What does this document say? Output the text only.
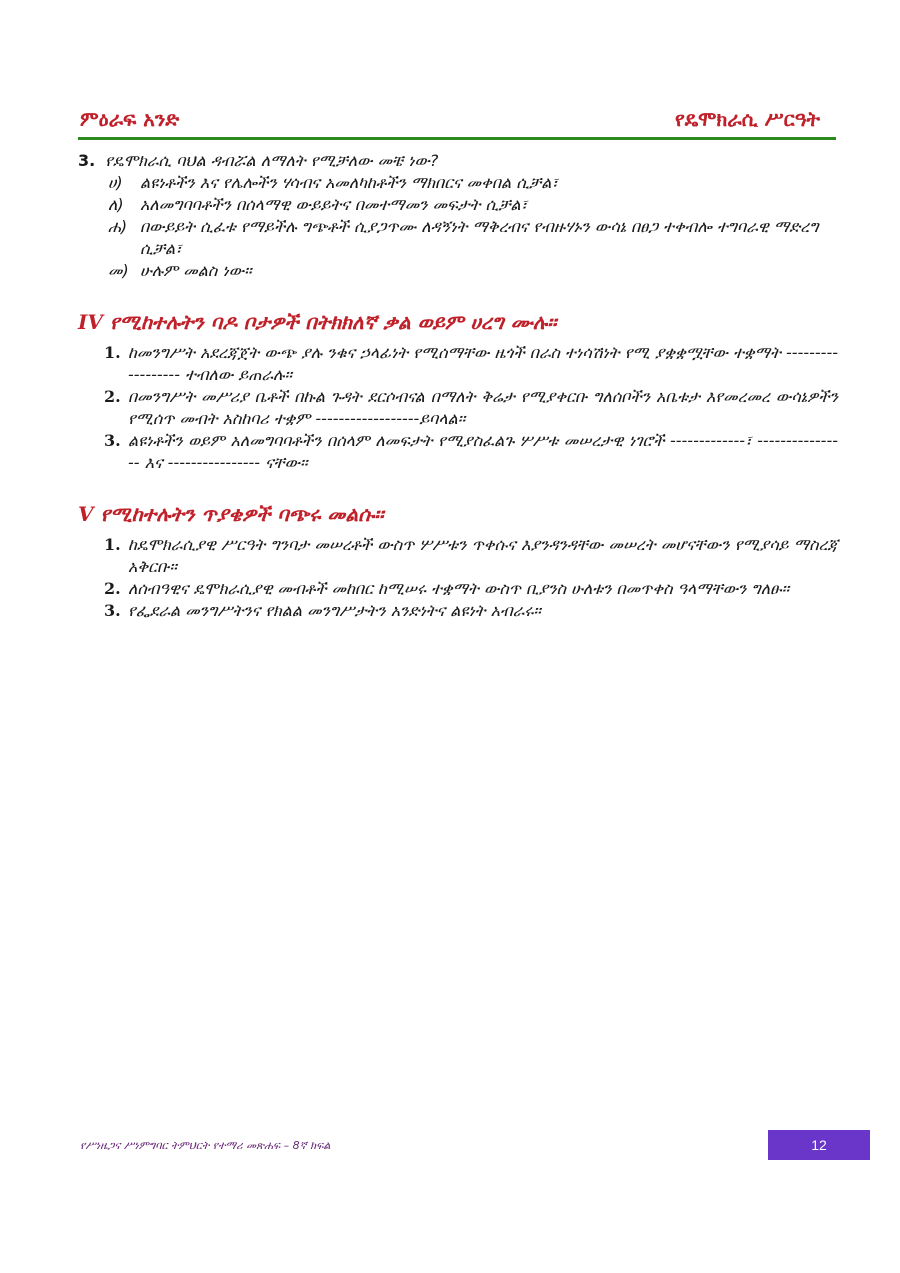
ምዕራፍ አንድ	የዴሞክራሲ ሥርዓት
3. የዴሞክራሲ ባህል ዳብሯል ለማለት የሚቻለው መቼ ነው?
ሀ)	ልዩነቶችን እና የሌሎችን ሃሳብና አመለካከቶችን ማክበርና መቀበል ሲቻል፣
ለ)	አለመግባባቶችን በሰላማዊ ውይይትና በመተማመን መፍታት ሲቻል፣
ሐ) በውይይት ሲፈቱ የማይችሉ ግጭቶች ሲያጋጥሙ ለዳኝነት ማቅረብና የብዙሃኑን ውሳኔ በፀጋ ተቀብሎ ተግባራዊ ማድረግ ሲቻል፣
መ) ሁሉም መልስ ነው።
IV የሚከተሉትን ባዶ ቦታዎች በትክክለኛ ቃል ወይም ሀረግ ሙሉ፡፡
1. ከመንግሥት አደረጃጀት ውጭ ያሉ ንቁና ኃላፊነት የሚሰማቸው ዜጎች በራስ ተነሳሽነት የሚ ያቋቋሟቸው ተቋማት ------------------ ተብለው ይጠራሉ፡፡
2. በመንግሥት መሥሪያ ቤቶች በኩል ጉዳት ደርሶብናል በማለት ቅሬታ የሚያቀርቡ ግለሰቦችን አቤቱታ እየመረመረ ውሳኔዎችን የሚሰጥ መብት አስከባሪ ተቋም ------------------ይባላል፡፡
3. ልዩነቶችን ወይም አለመግባባቶችን በሰላም ለመፍታት የሚያስፈልጉ ሦሥቱ መሠረታዊ ነገሮች -------------፣ ---------------- እና ---------------- ናቸው፡፡
V የሚከተሉትን ጥያቄዎች ባጭሩ መልሱ፡፡
1. ከዴሞክራሲያዊ ሥርዓት ግንባታ መሠረቶች ውስጥ ሦሥቱን ጥቀሱና እያንዳንዳቸው መሠረት መሆናቸውን የሚያሳይ ማስረጃ አቅርቡ፡፡
2. ለሰብዓዊና ዴሞክራሲያዊ መብቶች መከበር ከሚሠሩ ተቋማት ውስጥ ቢያንስ ሁለቱን በመጥቀስ ዓላማቸውን ግለፁ፡፡
3. የፌደራል መንግሥትንና የክልል መንግሥታትን አንድነትና ልዩነት አብራሩ፡፡
የሥነዜጋና ሥነምግባር ትምህርት የተማሪ መጽሐፍ – 8ኛ ክፍል	12
